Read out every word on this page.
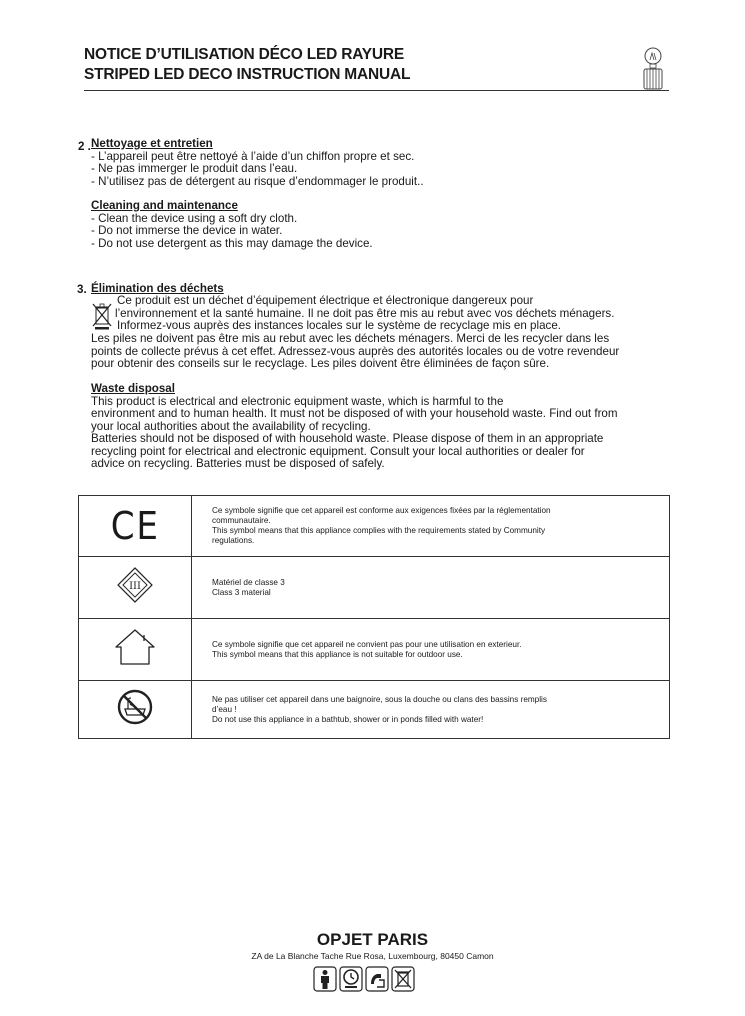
NOTICE D’UTILISATION DÉCO LED RAYURE
STRIPED LED DECO INSTRUCTION MANUAL
2 . Nettoyage et entretien
- L’appareil peut être nettoyé à l’aide d’un chiffon propre et sec.
- Ne pas immerger le produit dans l’eau.
- N’utilisez pas de détergent au risque d’endommager le produit..
Cleaning and maintenance
- Clean the device using a soft dry cloth.
- Do not immerse the device in water.
- Do not use detergent as this may damage the device.
3. Élimination des déchets
Ce produit est un déchet d’équipement électrique et électronique dangereux pour
l’environnement et la santé humaine. Il ne doit pas être mis au rebut avec vos déchets ménagers.
Informez-vous auprès des instances locales sur le système de recyclage mis en place.
Les piles ne doivent pas être mis au rebut avec les déchets ménagers. Merci de les recycler dans les
points de collecte prévus à cet effet. Adressez-vous auprès des autorités locales ou de votre revendeur
pour obtenir des conseils sur le recyclage. Les piles doivent être éliminées de façon sûre.
Waste disposal
This product is electrical and electronic equipment waste, which is harmful to the
environment and to human health. It must not be disposed of with your household waste. Find out from
your local authorities about the availability of recycling.
Batteries should not be disposed of with household waste. Please dispose of them in an appropriate
recycling point for electrical and electronic equipment. Consult your local authorities or dealer for
advice on recycling. Batteries must be disposed of safely.
CE	Ce symbole signifie que cet appareil est conforme aux exigences fixées par la réglementation
communautaire.
This symbol means that this appliance complies with the requirements stated by Community
regulations.

III	Matériel de classe 3
Class 3 material

Ce symbole signifie que cet appareil ne convient pas pour une utilisation en exterieur.
This symbol means that this appliance is not suitable for outdoor use.

Ne pas utiliser cet appareil dans une baignoire, sous la douche ou clans des bassins remplis
d’eau !
Do not use this appliance in a bathtub, shower or in ponds filled with water!
OPJET PARIS
ZA de La Blanche Tache Rue Rosa, Luxembourg, 80450 Camon
